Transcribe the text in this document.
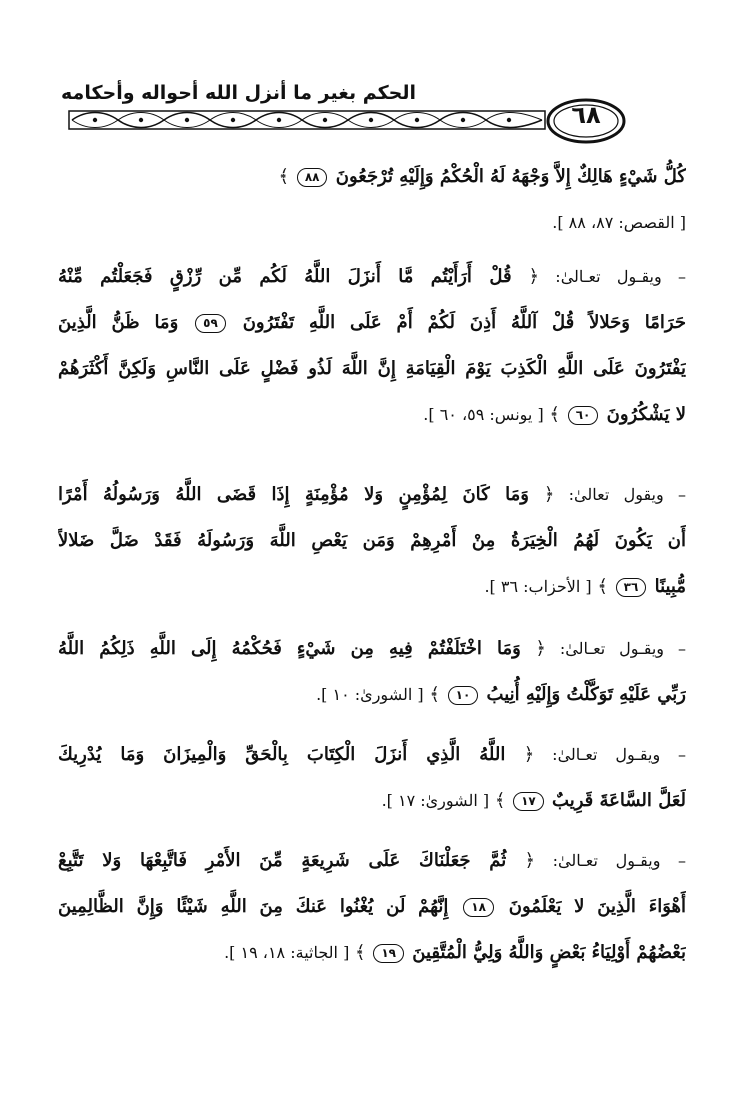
الحكم بغير ما أنزل الله أحواله وأحكامه
٦٨
كُلُّ شَيْءٍ هَالِكٌ إِلاَّ وَجْهَهُ لَهُ الْحُكْمُ وَإِلَيْهِ تُرْجَعُونَ ٨٨ ﴾
[ القصص: ٨٧، ٨٨ ].
– ويقـول تعـالىٰ: ﴿ قُلْ أَرَأَيْتُم مَّا أَنزَلَ اللَّهُ لَكُم مِّن رِّزْقٍ فَجَعَلْتُم مِّنْهُ
حَرَامًا وَحَلالاً قُلْ آللَّهُ أَذِنَ لَكُمْ أَمْ عَلَى اللَّهِ تَفْتَرُونَ ٥٩ وَمَا ظَنُّ الَّذِينَ
يَفْتَرُونَ عَلَى اللَّهِ الْكَذِبَ يَوْمَ الْقِيَامَةِ إِنَّ اللَّهَ لَذُو فَضْلٍ عَلَى النَّاسِ وَلَكِنَّ أَكْثَرَهُمْ
لا يَشْكُرُونَ ٦٠ ﴾ [ يونس: ٥٩، ٦٠ ].
– ويقول تعالىٰ: ﴿ وَمَا كَانَ لِمُؤْمِنٍ وَلا مُؤْمِنَةٍ إِذَا قَضَى اللَّهُ وَرَسُولُهُ أَمْرًا
أَن يَكُونَ لَهُمُ الْخِيَرَةُ مِنْ أَمْرِهِمْ وَمَن يَعْصِ اللَّهَ وَرَسُولَهُ فَقَدْ ضَلَّ ضَلالاً
مُّبِينًا ٣٦ ﴾ [ الأحزاب: ٣٦ ].
– ويقـول تعـالىٰ: ﴿ وَمَا اخْتَلَفْتُمْ فِيهِ مِن شَيْءٍ فَحُكْمُهُ إِلَى اللَّهِ ذَلِكُمُ اللَّهُ
رَبِّي عَلَيْهِ تَوَكَّلْتُ وَإِلَيْهِ أُنِيبُ ١٠ ﴾ [ الشورىٰ: ١٠ ].
– ويقـول تعـالىٰ: ﴿ اللَّهُ الَّذِي أَنزَلَ الْكِتَابَ بِالْحَقِّ وَالْمِيزَانَ وَمَا يُدْرِيكَ
لَعَلَّ السَّاعَةَ قَرِيبٌ ١٧ ﴾ [ الشورىٰ: ١٧ ].
– ويقـول تعـالىٰ: ﴿ ثُمَّ جَعَلْنَاكَ عَلَى شَرِيعَةٍ مِّنَ الأَمْرِ فَاتَّبِعْهَا وَلا تَتَّبِعْ
أَهْوَاءَ الَّذِينَ لا يَعْلَمُونَ ١٨ إِنَّهُمْ لَن يُغْنُوا عَنكَ مِنَ اللَّهِ شَيْئًا وَإِنَّ الظَّالِمِينَ
بَعْضُهُمْ أَوْلِيَاءُ بَعْضٍ وَاللَّهُ وَلِيُّ الْمُتَّقِينَ ١٩ ﴾ [ الجاثية: ١٨، ١٩ ].
